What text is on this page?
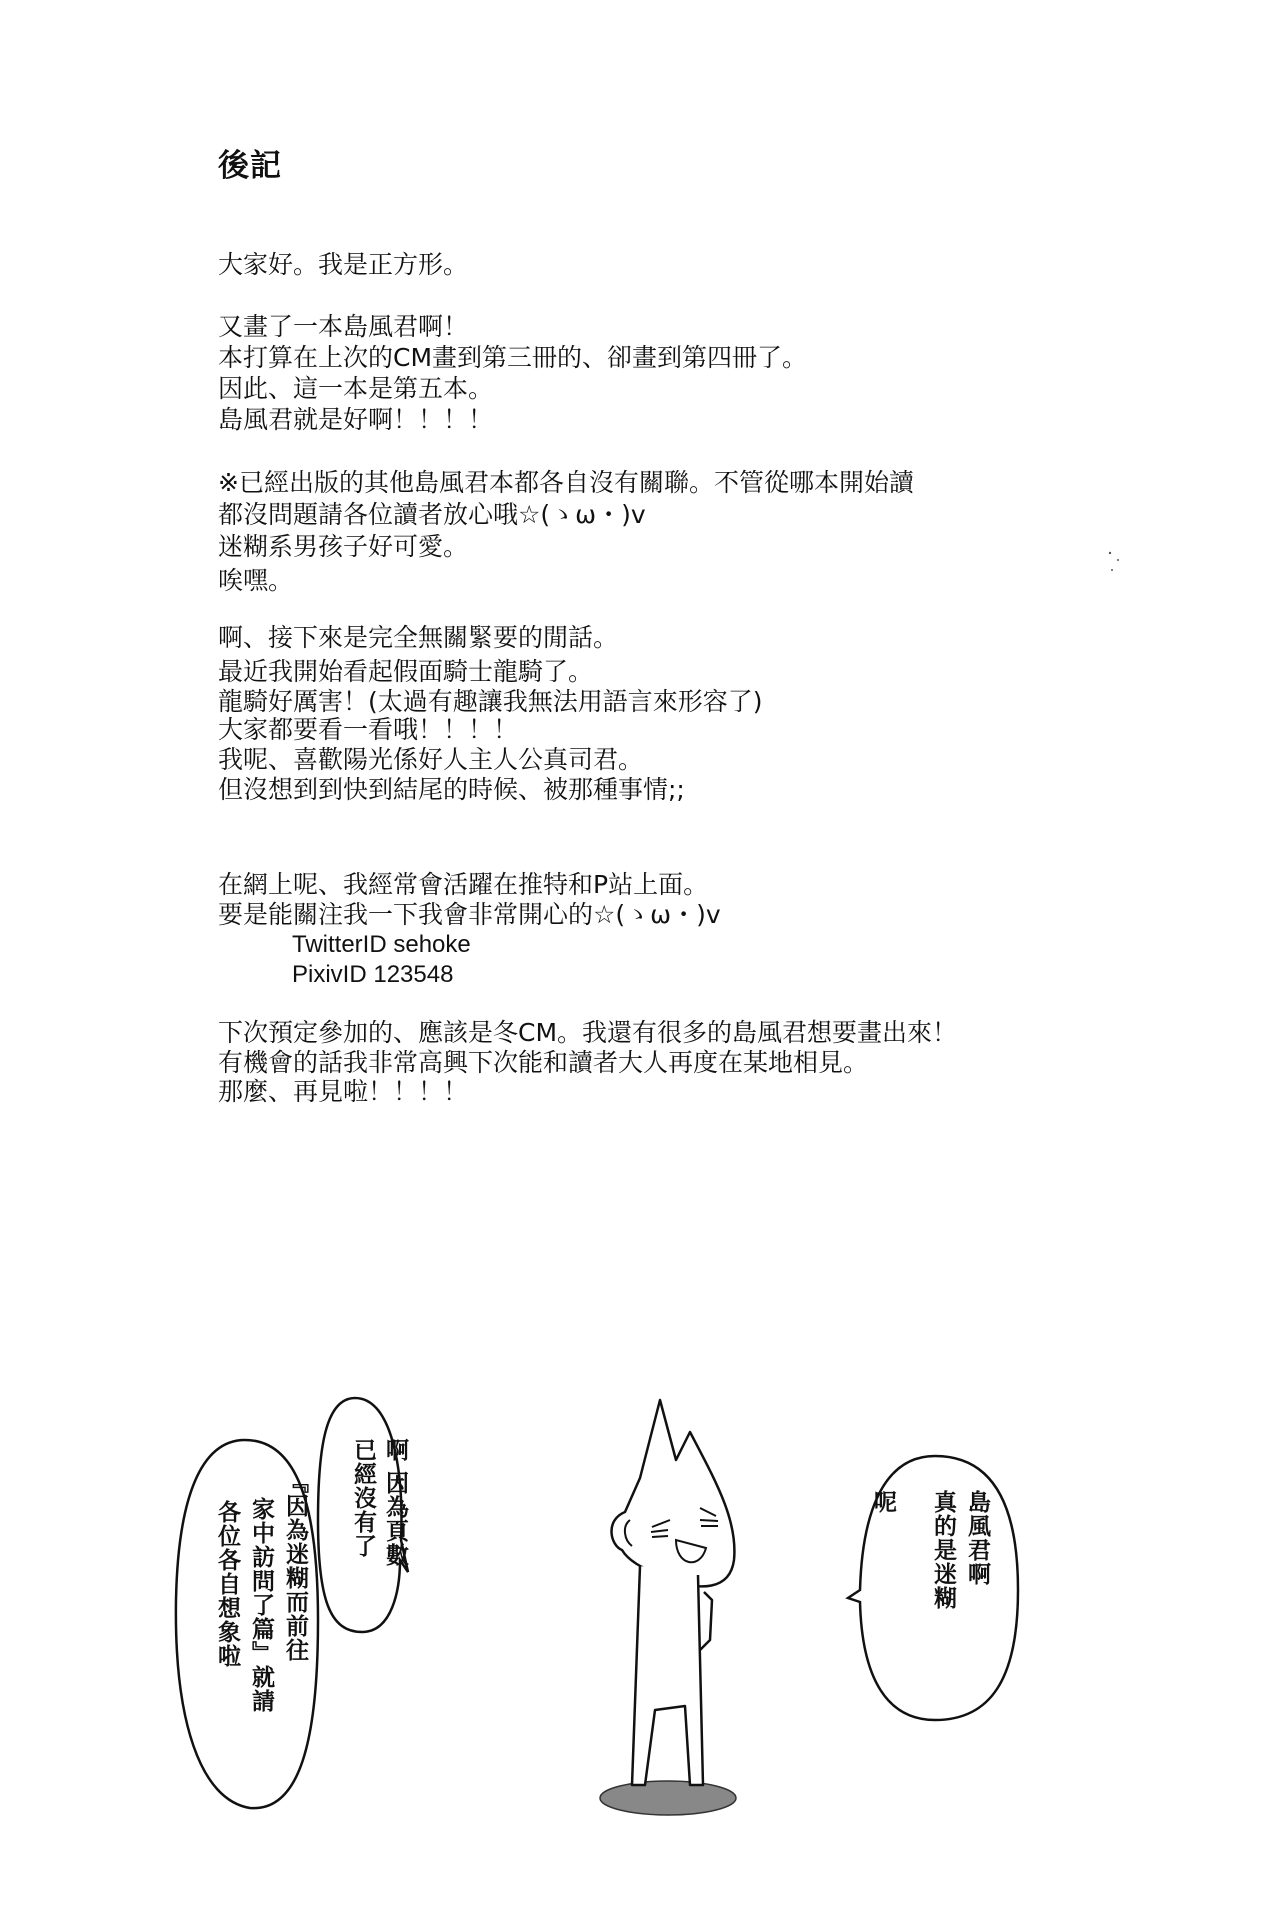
後記
大家好。我是正方形。
又畫了一本島風君啊！
本打算在上次的CM畫到第三冊的、卻畫到第四冊了。
因此、這一本是第五本。
島風君就是好啊！！！！
※已經出版的其他島風君本都各自沒有關聯。不管從哪本開始讀
都沒問題請各位讀者放心哦☆(ゝω・)v
迷糊系男孩子好可愛。
唉嘿。
啊、接下來是完全無關緊要的閒話。
最近我開始看起假面騎士龍騎了。
龍騎好厲害！(太過有趣讓我無法用語言來形容了)
大家都要看一看哦！！！！
我呢、喜歡陽光係好人主人公真司君。
但沒想到到快到結尾的時候、被那種事情;;
在網上呢、我經常會活躍在推特和P站上面。
要是能關注我一下我會非常開心的☆(ゝω・)v
TwitterID sehoke
PixivID 123548
下次預定參加的、應該是冬CM。我還有很多的島風君想要畫出來！
有機會的話我非常高興下次能和讀者大人再度在某地相見。
那麼、再見啦！！！！
啊 因為頁數
已經沒有了
『因為迷糊而前往
家中訪問了篇』就請
各位各自想象啦	島風君啊
真的是迷糊
呢
